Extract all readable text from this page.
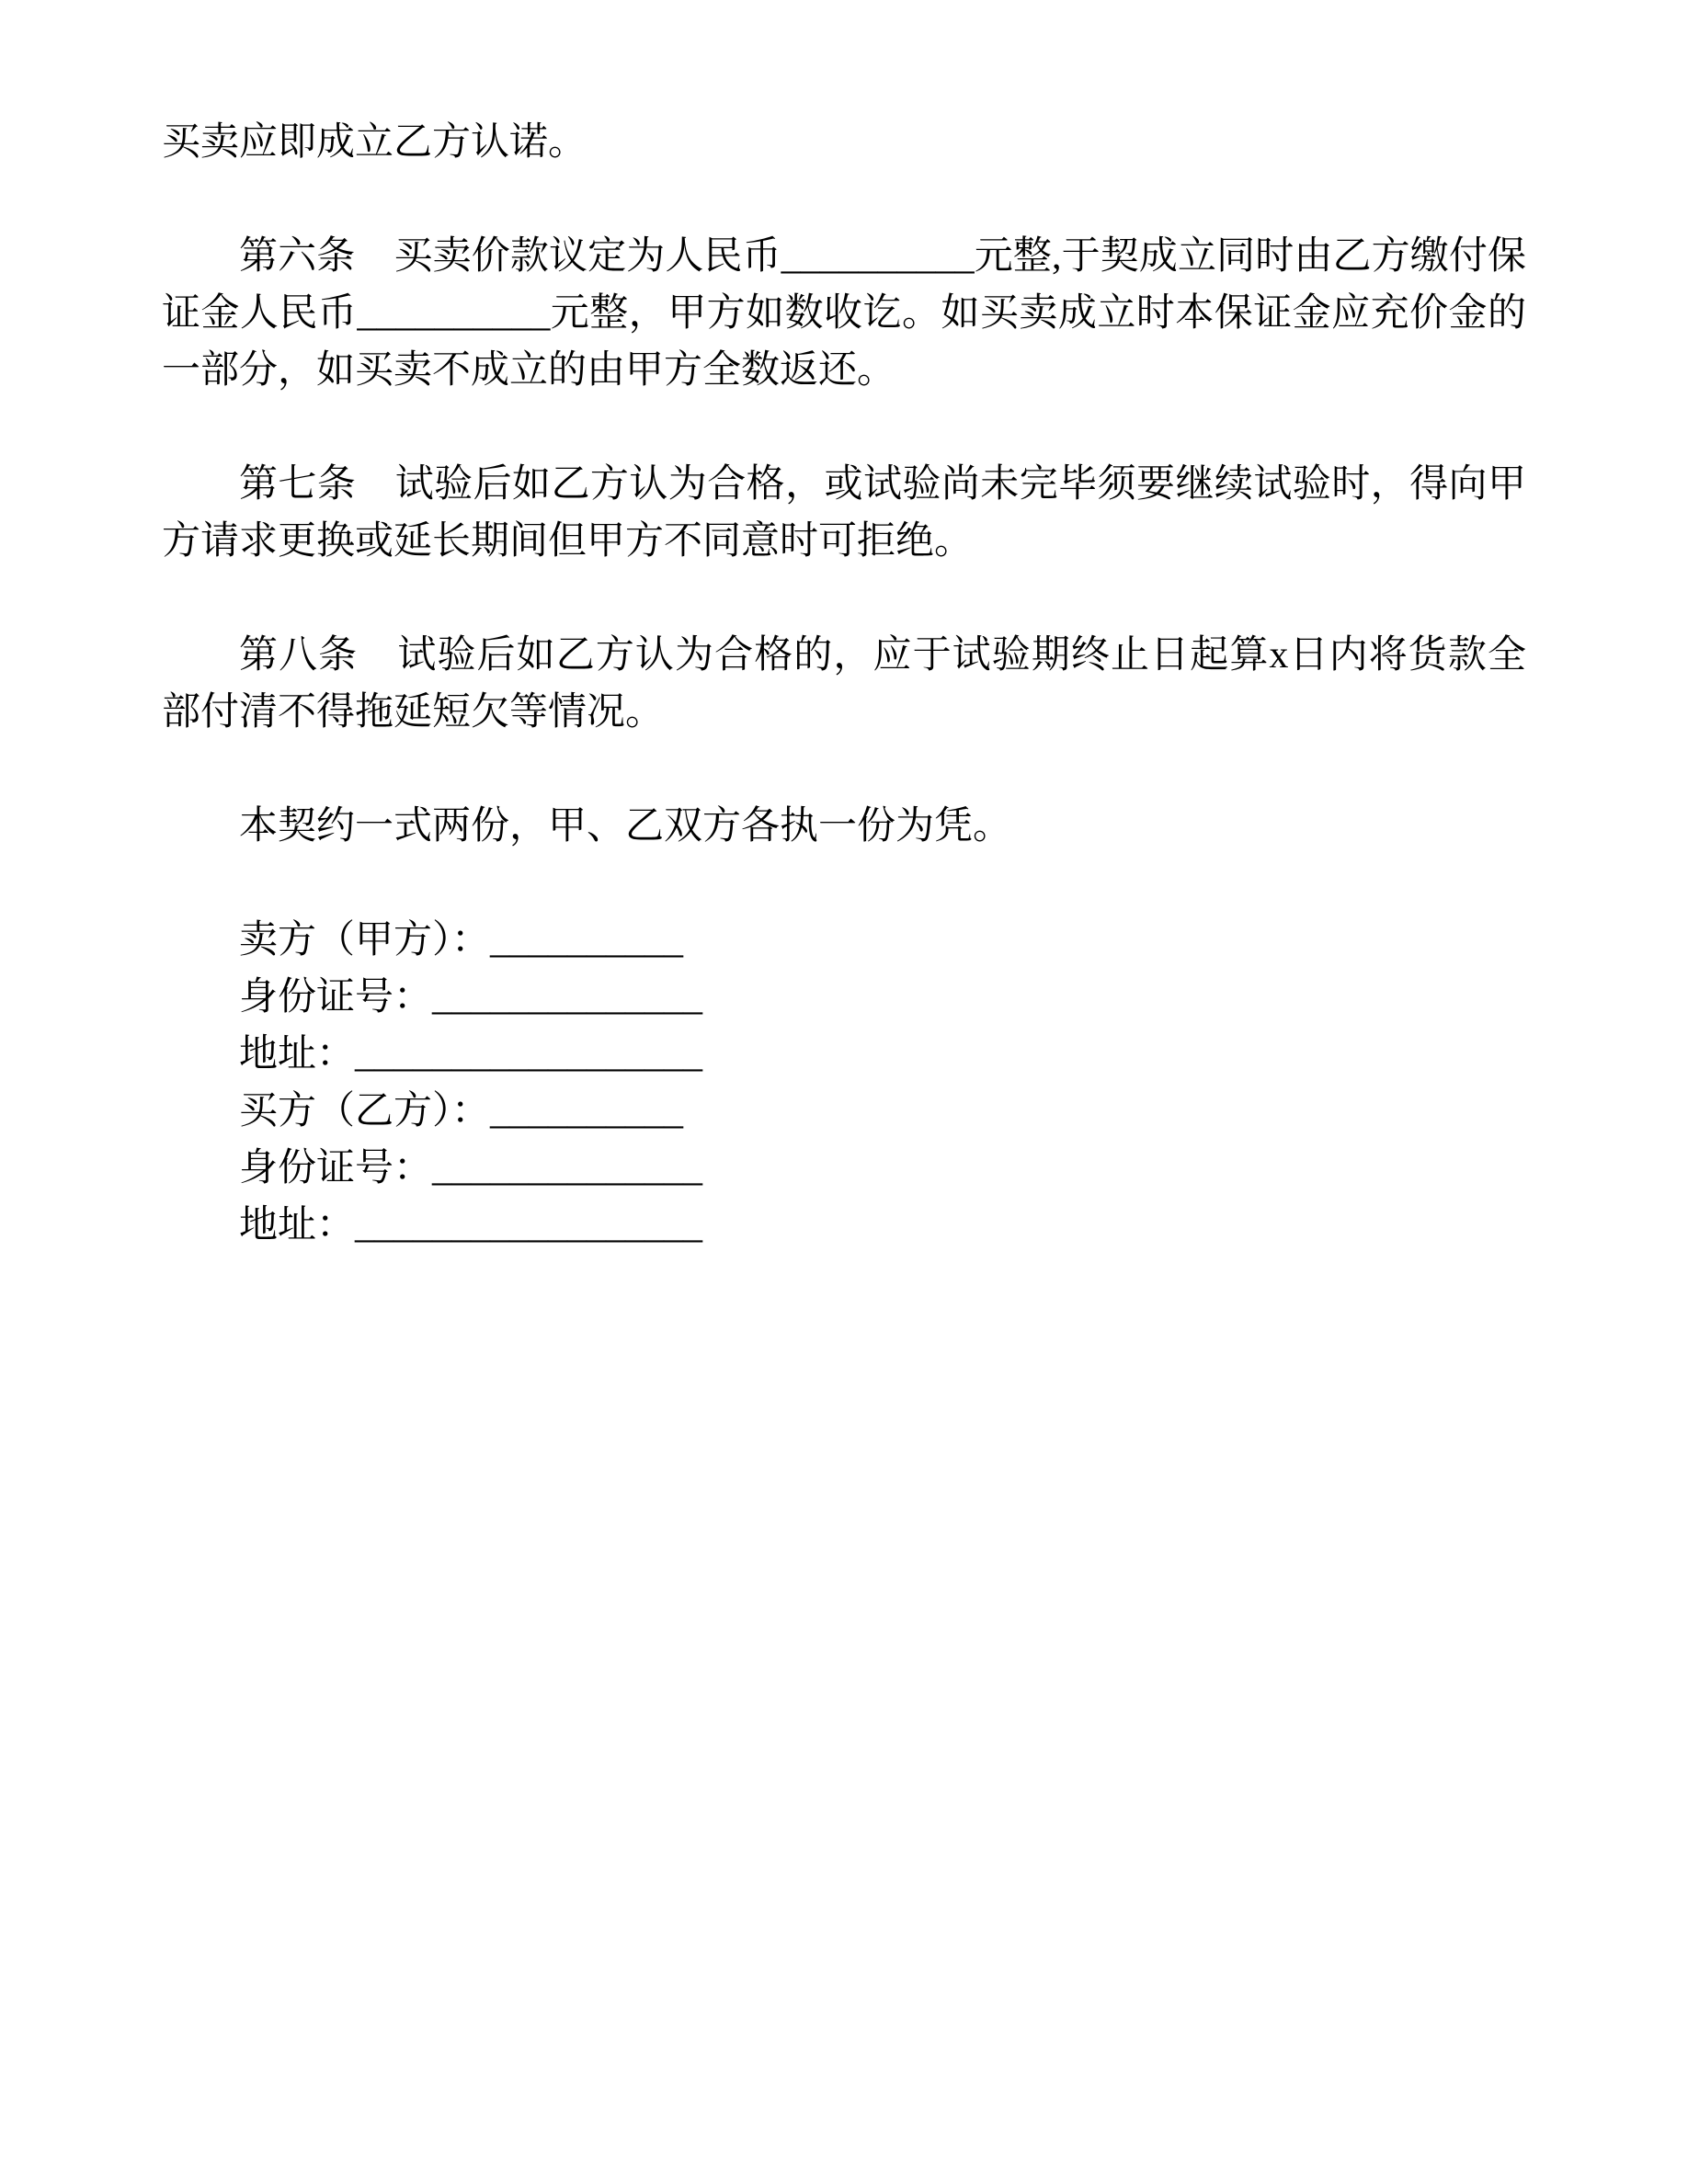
买卖应即成立乙方认诺。

第六条　买卖价款议定为人民币__________元整,于契成立同时由乙方缴付保证金人民币__________元整，甲方如数收讫。如买卖成立时本保证金应充价金的一部分，如买卖不成立的由甲方全数返还。

第七条　试验后如乙方认为合格，或试验尚未完毕须要继续试验时，得向甲方请求更换或延长期间但甲方不同意时可拒绝。

第八条　试验后如乙方认为合格的，应于试验期终止日起算x日内将货款全部付清不得拖延短欠等情况。

本契约一式两份，甲、乙双方各执一份为凭。

卖方（甲方）：__________
身份证号：______________
地址：__________________
买方（乙方）：__________
身份证号：______________
地址：__________________
